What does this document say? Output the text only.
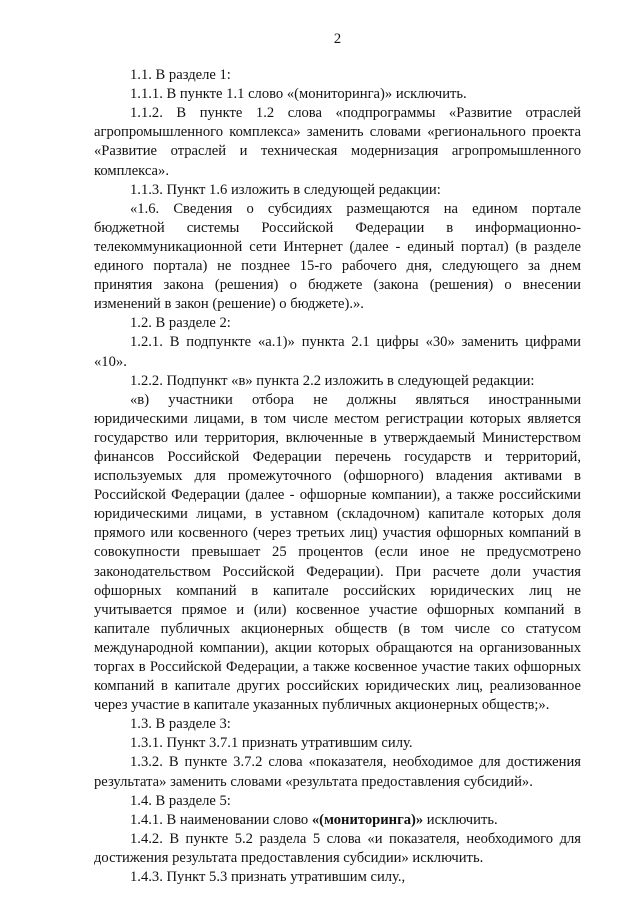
2

1.1. В разделе 1:

1.1.1. В пункте 1.1 слово «(мониторинга)» исключить.

1.1.2. В пункте 1.2 слова «подпрограммы «Развитие отраслей агропромышленного комплекса» заменить словами «регионального проекта «Развитие отраслей и техническая модернизация агропромышленного комплекса».

1.1.3. Пункт 1.6 изложить в следующей редакции:

«1.6. Сведения о субсидиях размещаются на едином портале бюджетной системы Российской Федерации в информационно-телекоммуникационной сети Интернет (далее - единый портал) (в разделе единого портала) не позднее 15-го рабочего дня, следующего за днем принятия закона (решения) о бюджете (закона (решения) о внесении изменений в закон (решение) о бюджете).».

1.2. В разделе 2:

1.2.1. В подпункте «а.1)» пункта 2.1 цифры «30» заменить цифрами «10».

1.2.2. Подпункт «в» пункта 2.2 изложить в следующей редакции:

«в) участники отбора не должны являться иностранными юридическими лицами, в том числе местом регистрации которых является государство или территория, включенные в утверждаемый Министерством финансов Российской Федерации перечень государств и территорий, используемых для промежуточного (офшорного) владения активами в Российской Федерации (далее - офшорные компании), а также российскими юридическими лицами, в уставном (складочном) капитале которых доля прямого или косвенного (через третьих лиц) участия офшорных компаний в совокупности превышает 25 процентов (если иное не предусмотрено законодательством Российской Федерации). При расчете доли участия офшорных компаний в капитале российских юридических лиц не учитывается прямое и (или) косвенное участие офшорных компаний в капитале публичных акционерных обществ (в том числе со статусом международной компании), акции которых обращаются на организованных торгах в Российской Федерации, а также косвенное участие таких офшорных компаний в капитале других российских юридических лиц, реализованное через участие в капитале указанных публичных акционерных обществ;».

1.3. В разделе 3:

1.3.1. Пункт 3.7.1 признать утратившим силу.

1.3.2. В пункте 3.7.2 слова «показателя, необходимое для достижения результата» заменить словами «результата предоставления субсидий».

1.4. В разделе 5:

1.4.1. В наименовании слово «(мониторинга)» исключить.

1.4.2. В пункте 5.2 раздела 5 слова «и показателя, необходимого для достижения результата предоставления субсидии» исключить.

1.4.3. Пункт 5.3 признать утратившим силу.,
